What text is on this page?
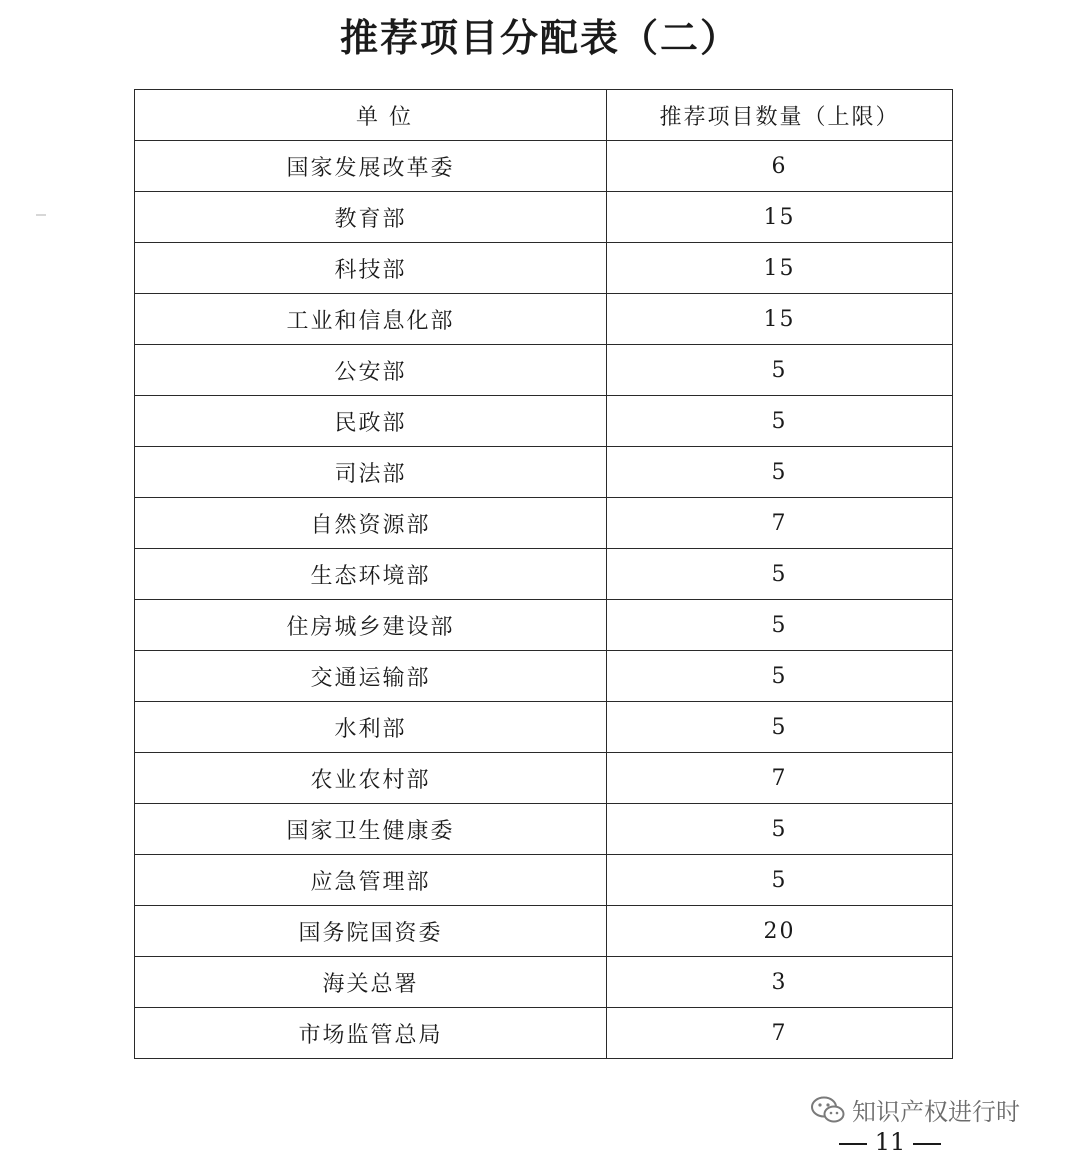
推荐项目分配表（二）
单 位	推荐项目数量（上限）
国家发展改革委	6
教育部	15
科技部	15
工业和信息化部	15
公安部	5
民政部	5
司法部	5
自然资源部	7
生态环境部	5
住房城乡建设部	5
交通运输部	5
水利部	5
农业农村部	7
国家卫生健康委	5
应急管理部	5
国务院国资委	20
海关总署	3
市场监管总局	7
知识产权进行时
11
